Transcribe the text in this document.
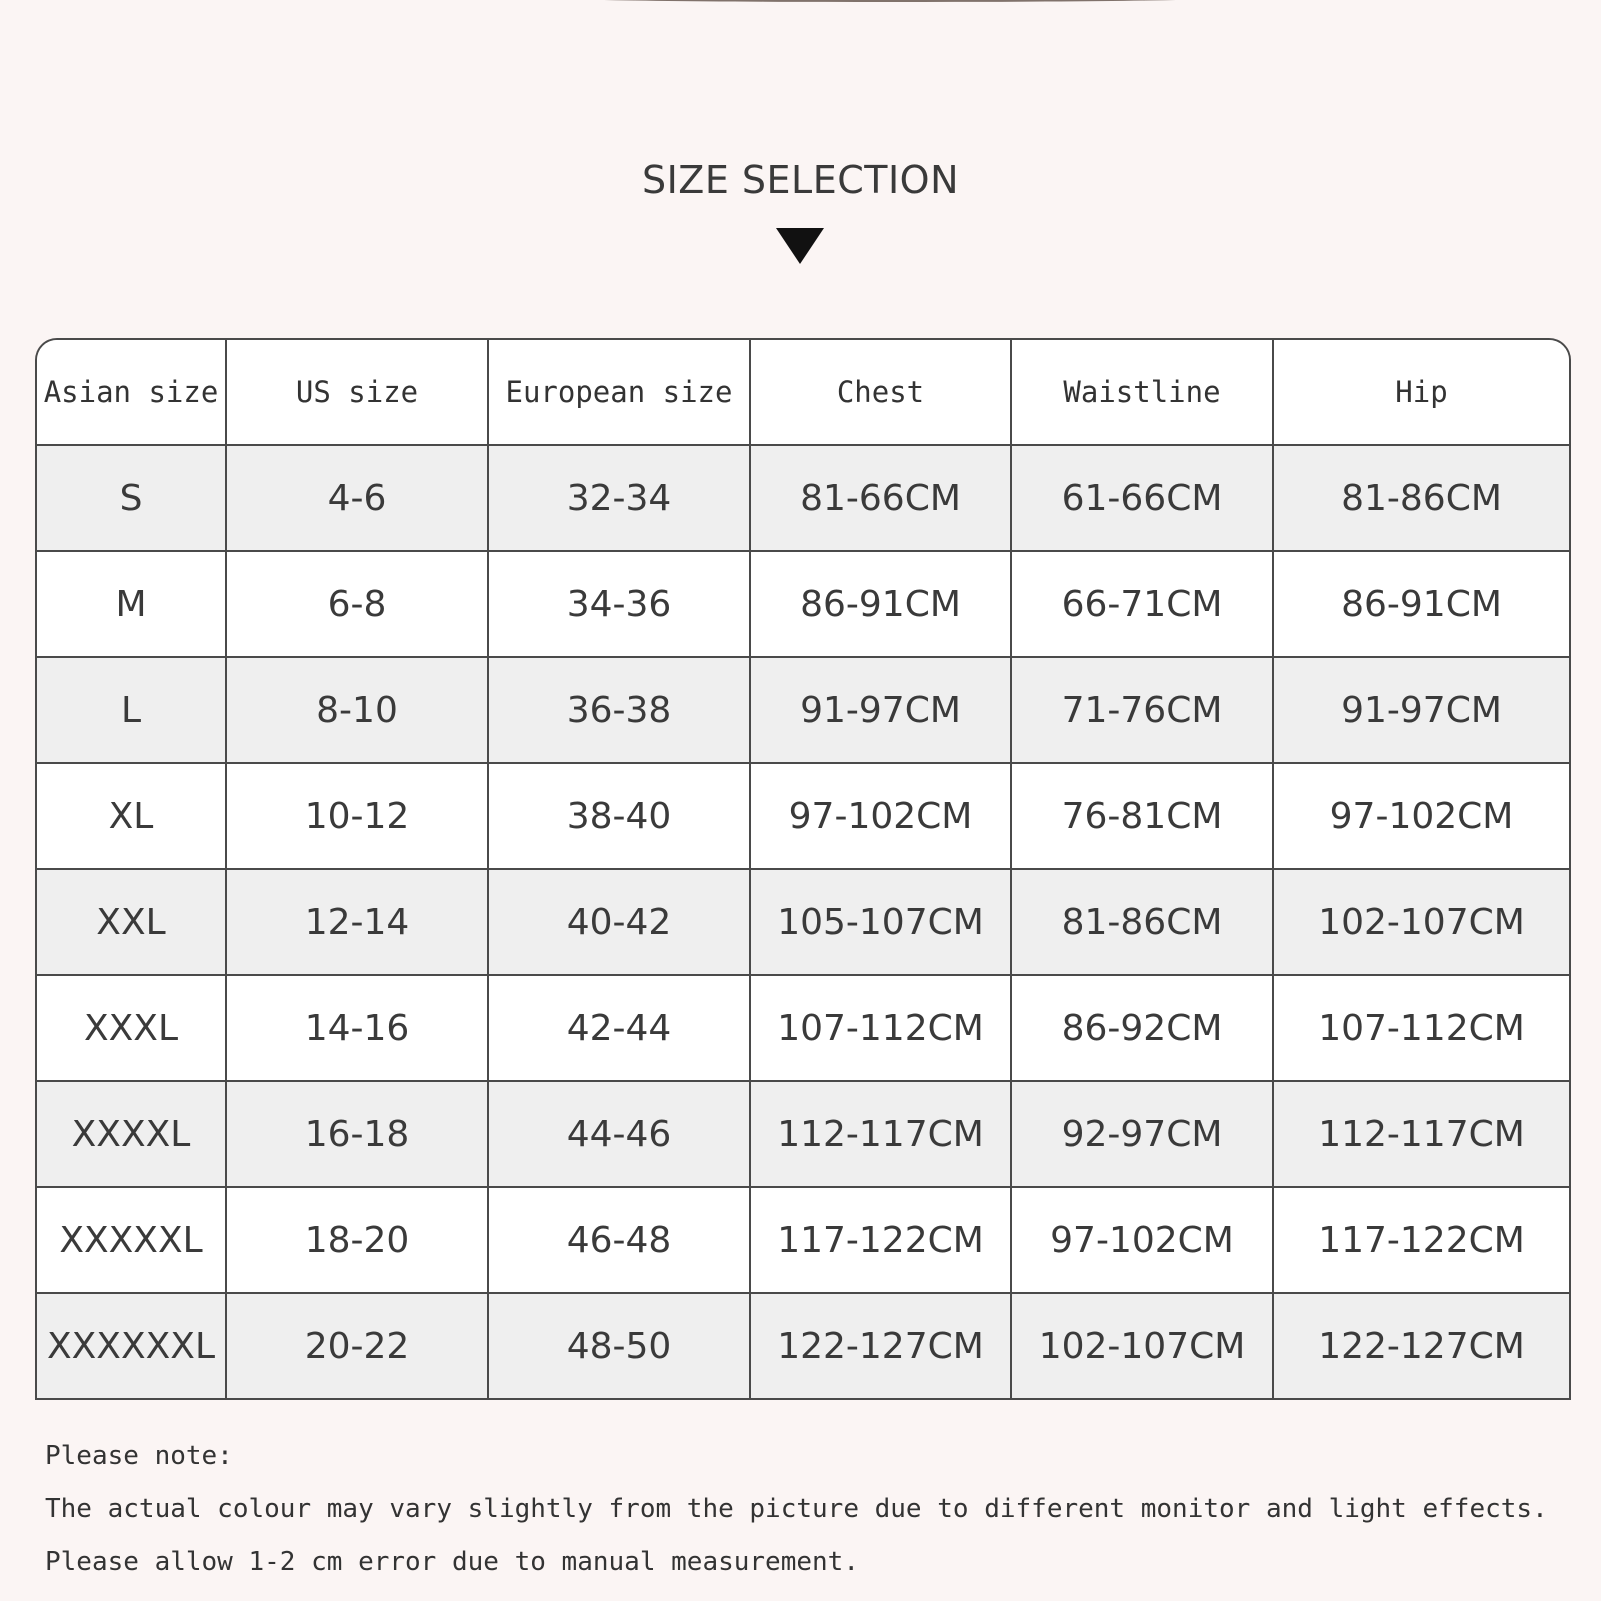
SIZE SELECTION
Asian size	US size	European size	Chest	Waistline	Hip
S	4-6	32-34	81-66CM	61-66CM	81-86CM
M	6-8	34-36	86-91CM	66-71CM	86-91CM
L	8-10	36-38	91-97CM	71-76CM	91-97CM
XL	10-12	38-40	97-102CM	76-81CM	97-102CM
XXL	12-14	40-42	105-107CM	81-86CM	102-107CM
XXXL	14-16	42-44	107-112CM	86-92CM	107-112CM
XXXXL	16-18	44-46	112-117CM	92-97CM	112-117CM
XXXXXL	18-20	46-48	117-122CM	97-102CM	117-122CM
XXXXXXL	20-22	48-50	122-127CM	102-107CM	122-127CM
Please note:
The actual colour may vary slightly from the picture due to different monitor and light effects.
Please allow 1-2 cm error due to manual measurement.
